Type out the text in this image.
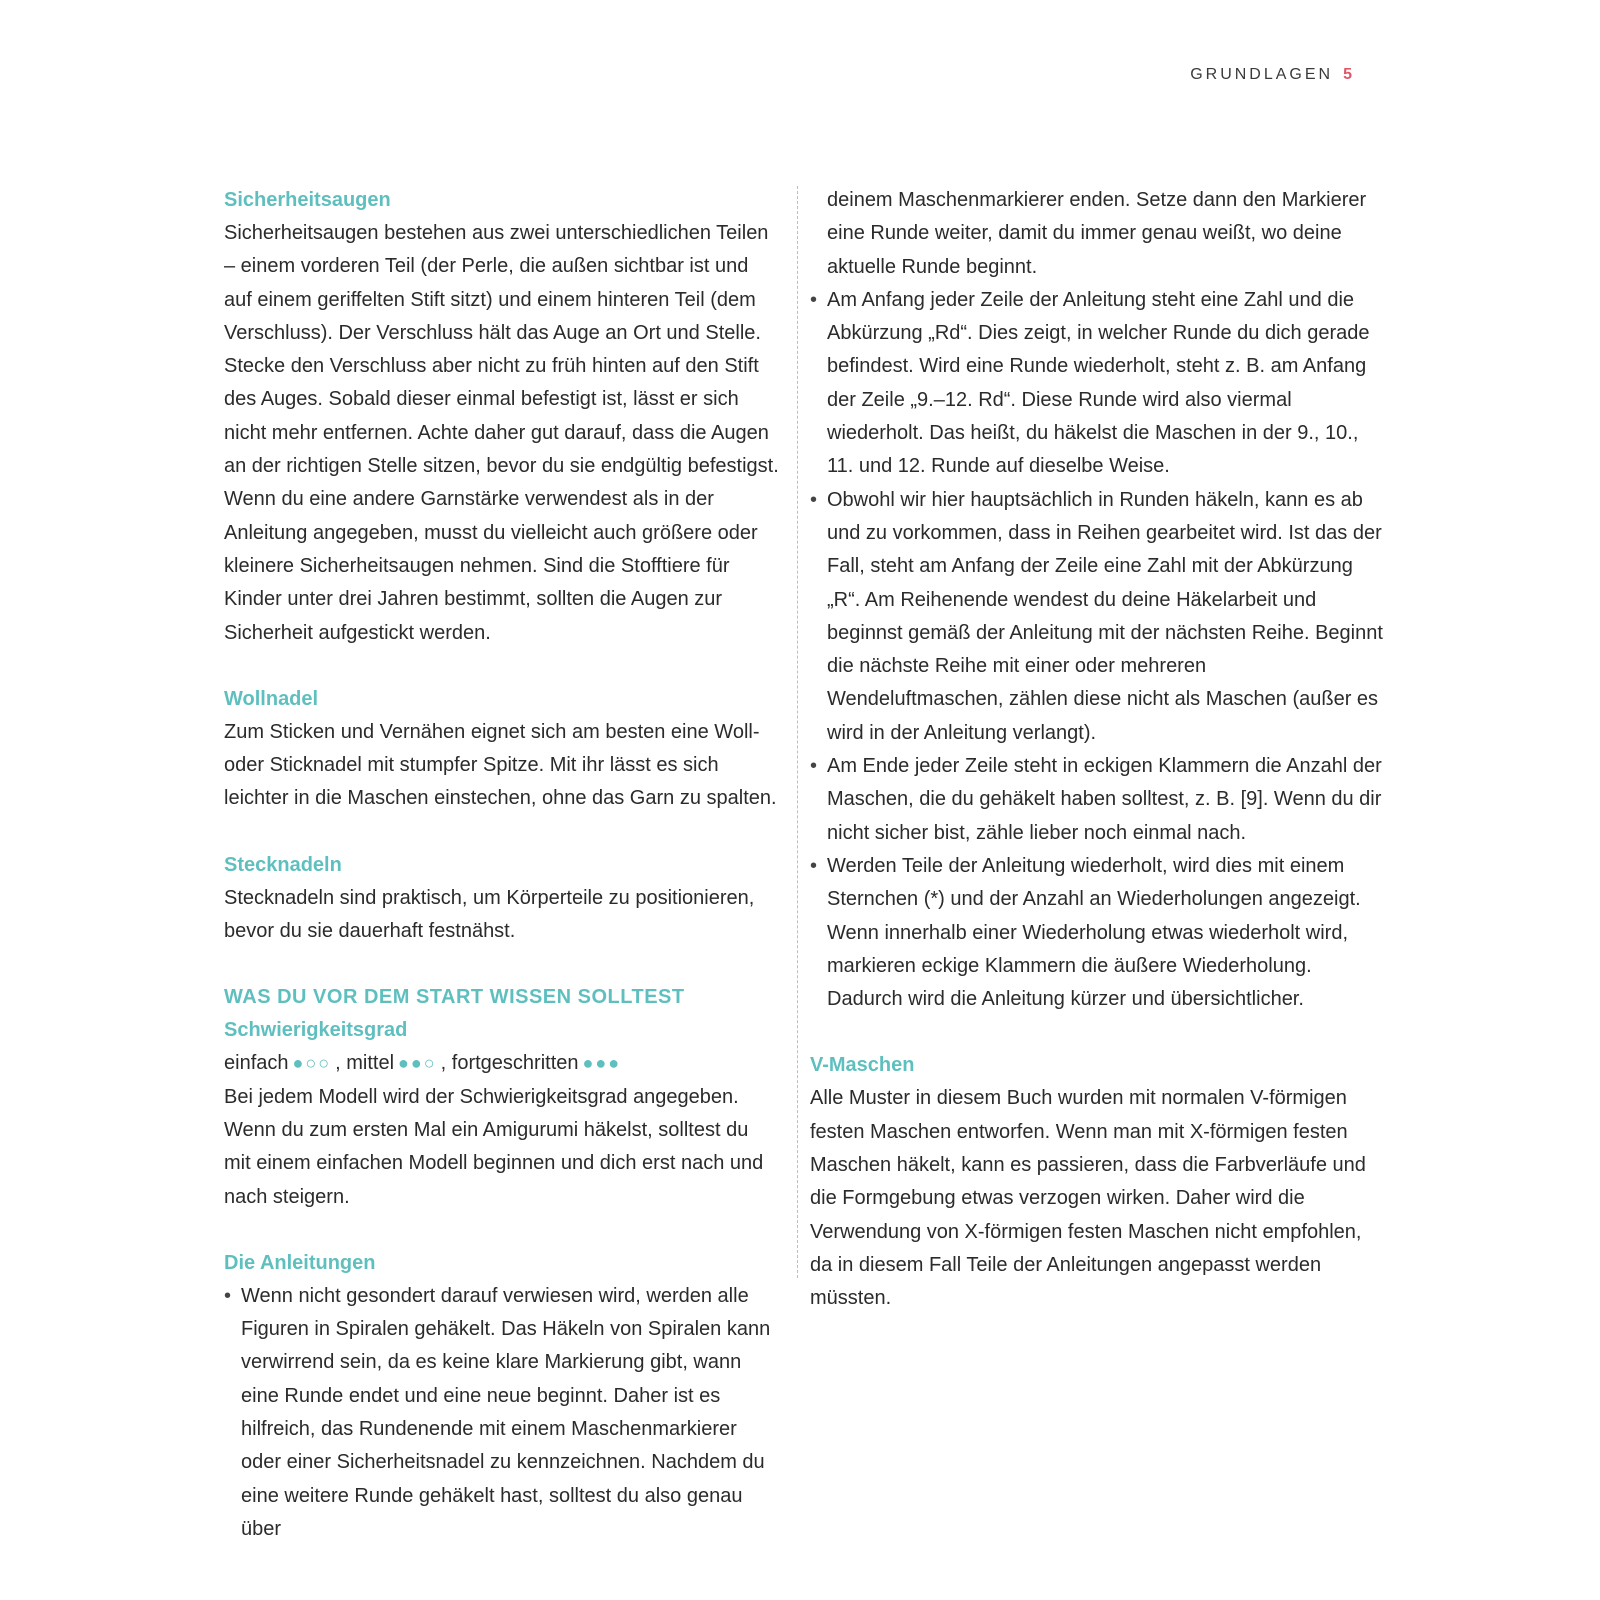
GRUNDLAGEN 5
Sicherheitsaugen

Sicherheitsaugen bestehen aus zwei unterschiedlichen Teilen – einem vorderen Teil (der Perle, die außen sichtbar ist und auf einem geriffelten Stift sitzt) und einem hinteren Teil (dem Verschluss). Der Verschluss hält das Auge an Ort und Stelle. Stecke den Verschluss aber nicht zu früh hinten auf den Stift des Auges. Sobald dieser einmal befestigt ist, lässt er sich nicht mehr entfernen. Achte daher gut darauf, dass die Augen an der richtigen Stelle sitzen, bevor du sie endgültig befestigst. Wenn du eine andere Garnstärke verwendest als in der Anleitung angegeben, musst du vielleicht auch größere oder kleinere Sicherheitsaugen nehmen. Sind die Stofftiere für Kinder unter drei Jahren bestimmt, sollten die Augen zur Sicherheit aufgestickt werden.

Wollnadel

Zum Sticken und Vernähen eignet sich am besten eine Woll- oder Sticknadel mit stumpfer Spitze. Mit ihr lässt es sich leichter in die Maschen einstechen, ohne das Garn zu spalten.

Stecknadeln

Stecknadeln sind praktisch, um Körperteile zu positionieren, bevor du sie dauerhaft festnähst.

WAS DU VOR DEM START WISSEN SOLLTEST
Schwierigkeitsgrad

einfach ●○○ , mittel ●●○ , fortgeschritten ●●●

Bei jedem Modell wird der Schwierigkeitsgrad angegeben. Wenn du zum ersten Mal ein Amigurumi häkelst, solltest du mit einem einfachen Modell beginnen und dich erst nach und nach steigern.

Die Anleitungen
• Wenn nicht gesondert darauf verwiesen wird, werden alle Figuren in Spiralen gehäkelt. Das Häkeln von Spiralen kann verwirrend sein, da es keine klare Markierung gibt, wann eine Runde endet und eine neue beginnt. Daher ist es hilfreich, das Rundenende mit einem Maschenmarkierer oder einer Sicherheitsnadel zu kennzeichnen. Nachdem du eine weitere Runde gehäkelt hast, solltest du also genau über

deinem Maschenmarkierer enden. Setze dann den Markierer eine Runde weiter, damit du immer genau weißt, wo deine aktuelle Runde beginnt.

• Am Anfang jeder Zeile der Anleitung steht eine Zahl und die Abkürzung „Rd“. Dies zeigt, in welcher Runde du dich gerade befindest. Wird eine Runde wiederholt, steht z. B. am Anfang der Zeile „9.–12. Rd“. Diese Runde wird also viermal wiederholt. Das heißt, du häkelst die Maschen in der 9., 10., 11. und 12. Runde auf dieselbe Weise.
• Obwohl wir hier hauptsächlich in Runden häkeln, kann es ab und zu vorkommen, dass in Reihen gearbeitet wird. Ist das der Fall, steht am Anfang der Zeile eine Zahl mit der Abkürzung „R“. Am Reihenende wendest du deine Häkelarbeit und beginnst gemäß der Anleitung mit der nächsten Reihe. Beginnt die nächste Reihe mit einer oder mehreren Wendeluftmaschen, zählen diese nicht als Maschen (außer es wird in der Anleitung verlangt).
• Am Ende jeder Zeile steht in eckigen Klammern die Anzahl der Maschen, die du gehäkelt haben solltest, z. B. [9]. Wenn du dir nicht sicher bist, zähle lieber noch einmal nach.
• Werden Teile der Anleitung wiederholt, wird dies mit einem Sternchen (*) und der Anzahl an Wiederholungen angezeigt. Wenn innerhalb einer Wiederholung etwas wiederholt wird, markieren eckige Klammern die äußere Wiederholung. Dadurch wird die Anleitung kürzer und übersichtlicher.
V-Maschen

Alle Muster in diesem Buch wurden mit normalen V-förmigen festen Maschen entworfen. Wenn man mit X-förmigen festen Maschen häkelt, kann es passieren, dass die Farbverläufe und die Formgebung etwas verzogen wirken. Daher wird die Verwendung von X-förmigen festen Maschen nicht empfohlen, da in diesem Fall Teile der Anleitungen angepasst werden müssten.
